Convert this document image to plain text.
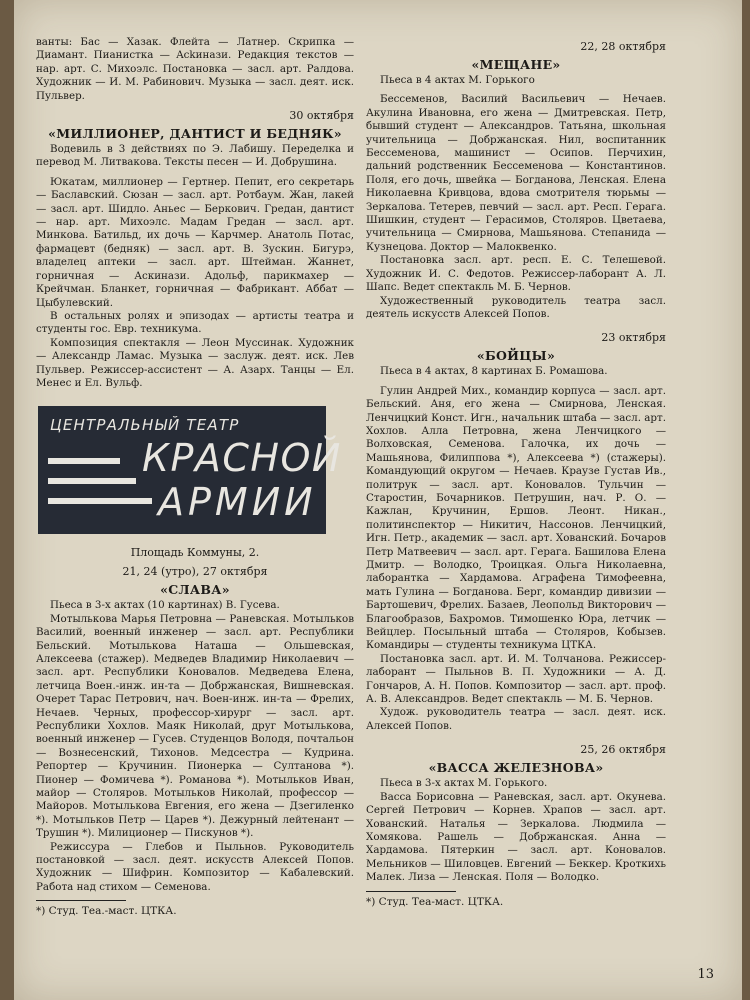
ванты: Бас — Хазак. Флейта — Латнер. Скрипка — Диамант. Пианистка — Ackинази. Редакция текстов — нар. арт. С. Михоэлс. Постановка — засл. арт. Ралдова. Художник — И. М. Рабинович. Музыка — засл. деят. иск. Пульвер.

30 октября
«МИЛЛИОНЕР, ДАНТИСТ И БЕДНЯК»

Водевиль в 3 действиях по Э. Лабишу. Переделка и перевод М. Литвакова. Тексты песен — И. Добрушина.

Юкатам, миллионер — Гертнер. Пепит, его секретарь — Баславский. Сюзан — засл. арт. Ротбаум. Жан, лакей — засл. арт. Шидло. Аньес — Беркович. Гредан, дантист — нар. арт. Михоэлс. Мадам Гредан — засл. арт. Минкова. Батильд, их дочь — Карчмер. Анатоль Потас, фармацевт (бедняк) — засл. арт. В. Зускин. Бигурэ, владелец аптеки — засл. арт. Штейман. Жаннет, горничная — Аскинази. Адольф, парикмахер — Крейчман. Бланкет, горничная — Фабрикант. Аббат — Цыбулевский.

В остальных ролях и эпизодах — артисты театра и студенты гос. Евр. техникума.

Композиция спектакля — Леон Муссинак. Художник — Александр Ламас. Музыка — заслуж. деят. иск. Лев Пульвер. Режиссер-ассистент — А. Азарх. Танцы — Ел. Менес и Ел. Вульф.

ЦЕНТРАЛЬНЫЙ ТЕАТР
КРАСНОЙ
АРМИИ
Площадь Коммуны, 2.
21, 24 (утро), 27 октября
«СЛАВА»

Пьеса в 3-х актах (10 картинах) В. Гусева.

Мотылькова Марья Петровна — Раневская. Мотыльков Василий, военный инженер — засл. арт. Республики Бельский. Мотылькова Наташа — Ольшевская, Алексеева (стажер). Медведев Владимир Николаевич — засл. арт. Республики Коновалов. Медведева Елена, летчица Воен.-инж. ин-та — Добржанская, Вишневская. Очерет Тарас Петрович, нач. Воен-инж. ин-та — Фрелих, Нечаев. Черных, профессор-хирург — засл. арт. Республики Хохлов. Маяк Николай, друг Мотылькова, военный инженер — Гусев. Студенцов Володя, почтальон — Вознесенский, Тихонов. Медсестра — Кудрина. Репортер — Кручинин. Пионерка — Султанова *). Пионер — Фомичева *). Романова *). Мотыльков Иван, майор — Столяров. Мотыльков Николай, профессор — Майоров. Мотылькова Евгения, его жена — Дзегиленко *). Мотыльков Петр — Царев *). Дежурный лейтенант — Трушин *). Милиционер — Пискунов *).

Режиссура — Глебов и Пыльнов. Руководитель постановкой — засл. деят. искусств Алексей Попов. Художник — Шифрин. Композитор — Кабалевский. Работа над стихом — Семенова.

*) Студ. Теа.-маст. ЦТКА.

22, 28 октября
«МЕЩАНЕ»

Пьеса в 4 актах М. Горького

Бессеменов, Василий Васильевич — Нечаев. Акулина Ивановна, его жена — Дмитревская. Петр, бывший студент — Александров. Татьяна, школьная учительница — Добржанская. Нил, воспитанник Бессеменова, машинист — Осипов. Перчихин, дальний родственник Бессеменова — Константинов. Поля, его дочь, швейка — Богданова, Ленская. Елена Николаевна Кривцова, вдова смотрителя тюрьмы — Зеркалова. Тетерев, певчий — засл. арт. Респ. Герага. Шишкин, студент — Герасимов, Столяров. Цветаева, учительница — Смирнова, Машьянова. Степанида — Кузнецова. Доктор — Малоквенко.

Постановка засл. арт. респ. Е. С. Телешевой. Художник И. С. Федотов. Режиссер-лаборант А. Л. Шапс. Ведет спектакль М. Б. Чернов.

Художественный руководитель театра засл. деятель искусств Алексей Попов.

23 октября
«БОЙЦЫ»

Пьеса в 4 актах, 8 картинах Б. Ромашова.

Гулин Андрей Мих., командир корпуса — засл. арт. Бельский. Аня, его жена — Смирнова, Ленская. Ленчицкий Конст. Игн., начальник штаба — засл. арт. Хохлов. Алла Петровна, жена Ленчицкого — Волховская, Семенова. Галочка, их дочь — Машьянова, Филиппова *), Алексеева *) (стажеры). Командующий округом — Нечаев. Краузе Густав Ив., политрук — засл. арт. Коновалов. Тульчин — Старостин, Бочарников. Петрушин, нач. Р. О. — Кажлан, Кручинин, Ершов. Леонт. Никан., политинспектор — Никитич, Нассонов. Ленчицкий, Игн. Петр., академик — засл. арт. Хованский. Бочаров Петр Матвеевич — засл. арт. Герага. Башилова Елена Дмитр. — Володко, Троицкая. Ольга Николаевна, лаборантка — Хардамова. Аграфена Тимофеевна, мать Гулина — Богданова. Берг, командир дивизии — Бартошевич, Фрелих. Базаев, Леопольд Викторович — Благообразов, Бахромов. Тимошенко Юра, летчик — Вейцлер. Посыльный штаба — Столяров, Кобызев. Командиры — студенты техникума ЦТКА.

Постановка засл. арт. И. М. Толчанова. Режиссер-лаборант — Пыльнов В. П. Художники — А. Д. Гончаров, А. Н. Попов. Композитор — засл. арт. проф. А. В. Александров. Ведет спектакль — М. Б. Чернов.

Худож. руководитель театра — засл. деят. иск. Алексей Попов.

25, 26 октября
«ВАССА ЖЕЛЕЗНОВА»

Пьеса в 3-х актах М. Горького.

Васса Борисовна — Раневская, засл. арт. Окунева. Сергей Петрович — Корнев. Храпов — засл. арт. Хованский. Наталья — Зеркалова. Людмила — Хомякова. Рашель — Добржанская. Анна — Хардамова. Пятеркин — засл. арт. Коновалов. Мельников — Шиловцев. Евгений — Беккер. Кроткихь Малек. Лиза — Ленская. Поля — Володко.

*) Студ. Теа-маст. ЦТКА.

13
